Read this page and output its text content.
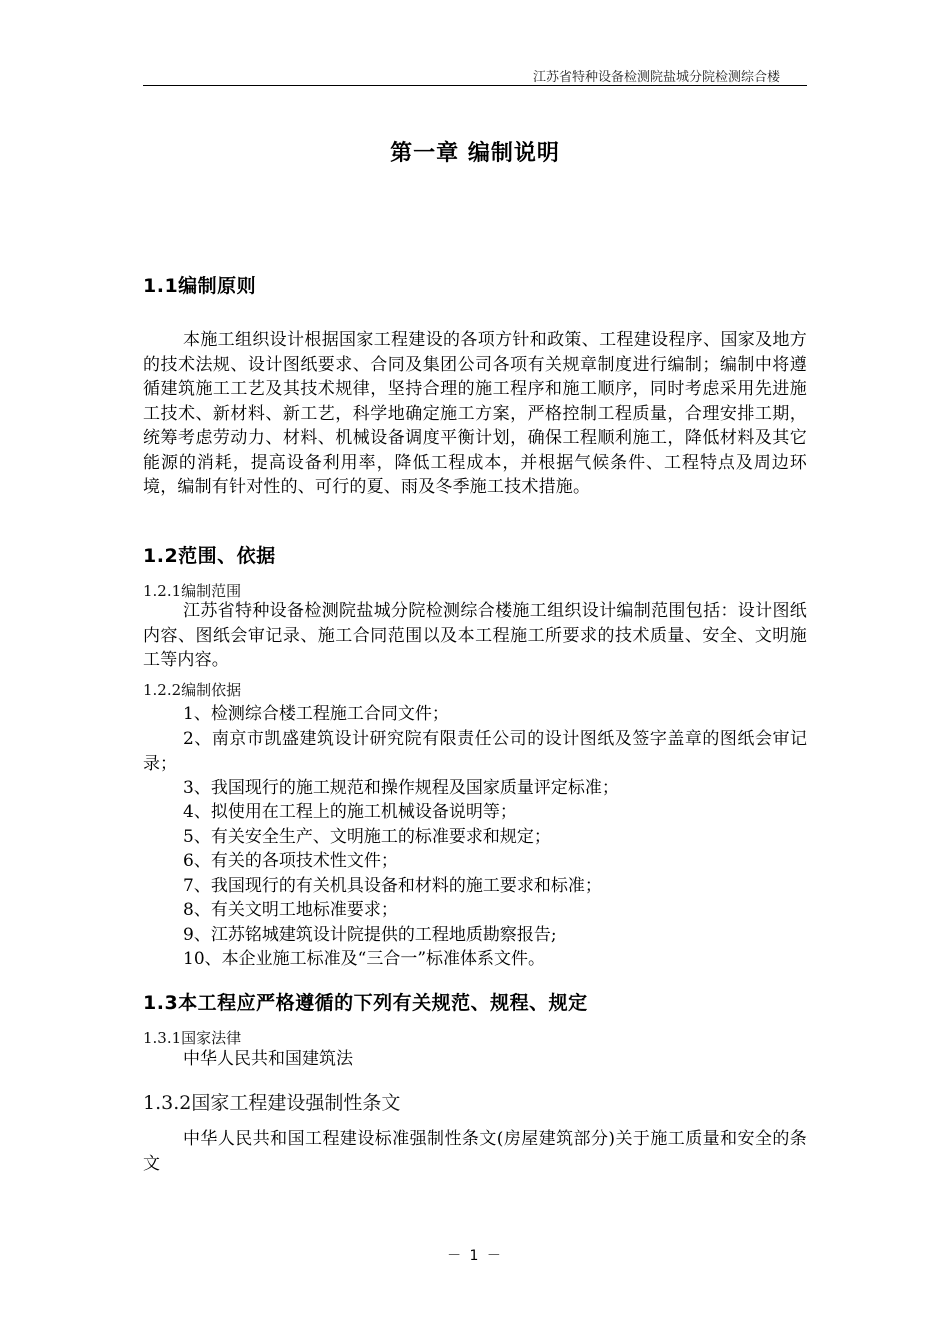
江苏省特种设备检测院盐城分院检测综合楼
第一章 编制说明
1.1编制原则

本施工组织设计根据国家工程建设的各项方针和政策、工程建设程序、国家及地方的技术法规、设计图纸要求、合同及集团公司各项有关规章制度进行编制；编制中将遵循建筑施工工艺及其技术规律，坚持合理的施工程序和施工顺序，同时考虑采用先进施工技术、新材料、新工艺，科学地确定施工方案，严格控制工程质量，合理安排工期，统筹考虑劳动力、材料、机械设备调度平衡计划，确保工程顺利施工，降低材料及其它能源的消耗，提高设备利用率，降低工程成本，并根据气候条件、工程特点及周边环境，编制有针对性的、可行的夏、雨及冬季施工技术措施。

1.2范围、依据
1.2.1编制范围

江苏省特种设备检测院盐城分院检测综合楼施工组织设计编制范围包括：设计图纸内容、图纸会审记录、施工合同范围以及本工程施工所要求的技术质量、安全、文明施工等内容。

1.2.2编制依据

1、检测综合楼工程施工合同文件；

2、南京市凯盛建筑设计研究院有限责任公司的设计图纸及签字盖章的图纸会审记录；

3、我国现行的施工规范和操作规程及国家质量评定标准；

4、拟使用在工程上的施工机械设备说明等；

5、有关安全生产、文明施工的标准要求和规定；

6、有关的各项技术性文件；

7、我国现行的有关机具设备和材料的施工要求和标准；

8、有关文明工地标准要求；

9、江苏铭城建筑设计院提供的工程地质勘察报告;

10、本企业施工标准及“三合一”标准体系文件。

1.3本工程应严格遵循的下列有关规范、规程、规定
1.3.1国家法律

中华人民共和国建筑法

1.3.2国家工程建设强制性条文

中华人民共和国工程建设标准强制性条文(房屋建筑部分)关于施工质量和安全的条文

－ 1 －
